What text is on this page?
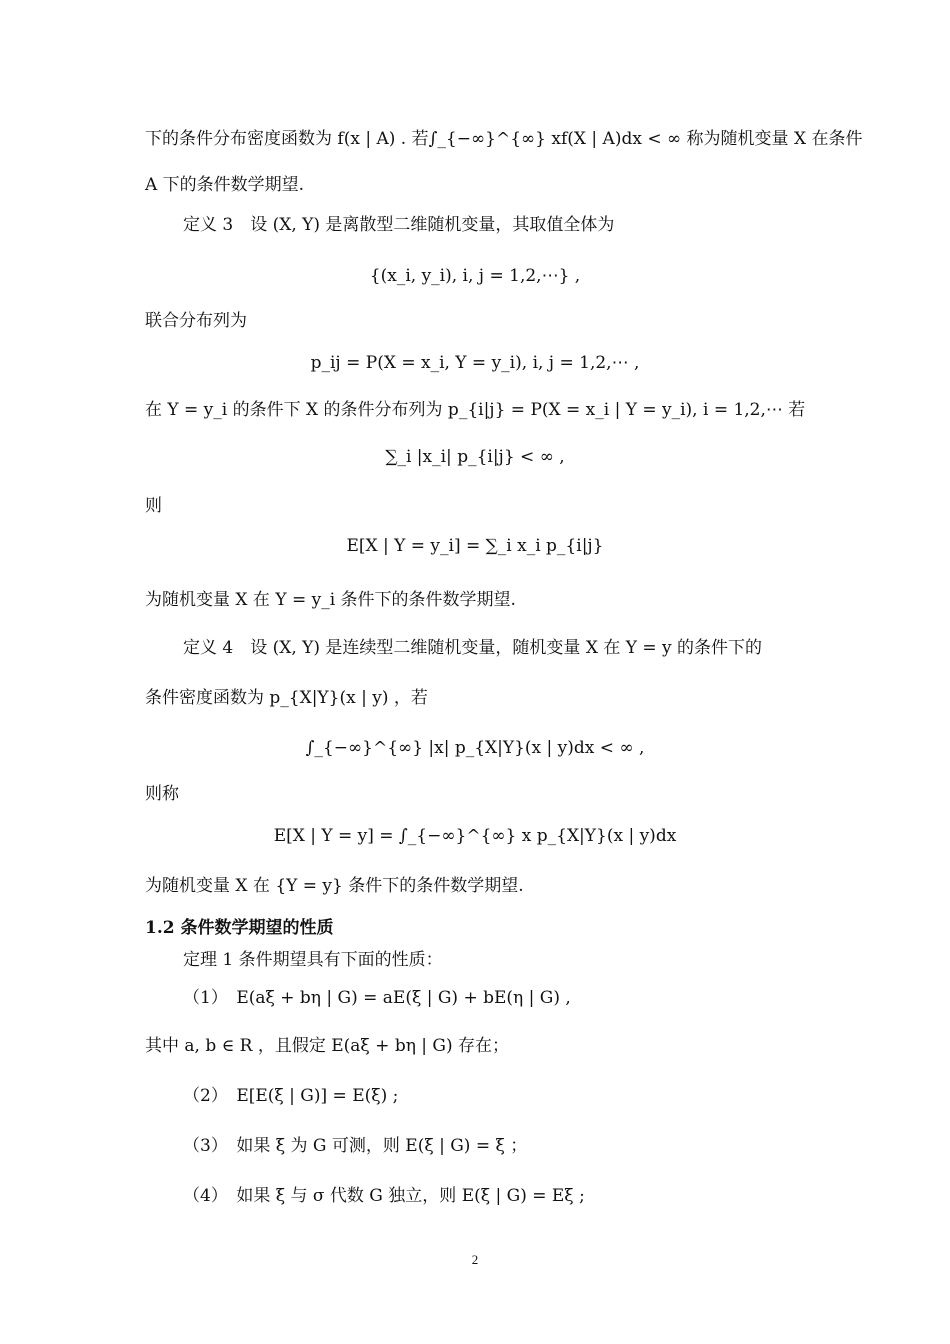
下的条件分布密度函数为 f(x | A) . 若∫_{−∞}^{∞} xf(X | A)dx < ∞ 称为随机变量 X 在条件
A 下的条件数学期望.
定义 3　设 (X, Y) 是离散型二维随机变量，其取值全体为
{(x_i, y_i), i, j = 1,2,⋯} ,
联合分布列为
p_ij = P(X = x_i, Y = y_i), i, j = 1,2,⋯ ,
在 Y = y_i 的条件下 X 的条件分布列为 p_{i|j} = P(X = x_i | Y = y_i), i = 1,2,⋯ 若
∑_i |x_i| p_{i|j} < ∞ ,
则
E[X | Y = y_i] = ∑_i x_i p_{i|j}
为随机变量 X 在 Y = y_i 条件下的条件数学期望.
定义 4　设 (X, Y) 是连续型二维随机变量，随机变量 X 在 Y = y 的条件下的
条件密度函数为 p_{X|Y}(x | y) ，若
∫_{−∞}^{∞} |x| p_{X|Y}(x | y)dx < ∞ ,
则称
E[X | Y = y] = ∫_{−∞}^{∞} x p_{X|Y}(x | y)dx
为随机变量 X 在 {Y = y} 条件下的条件数学期望.
1.2 条件数学期望的性质
定理 1 条件期望具有下面的性质：
（1）　E(aξ + bη | G) = aE(ξ | G) + bE(η | G) ,
其中 a, b ∈ R ，且假定 E(aξ + bη | G) 存在；
（2）　E[E(ξ | G)] = E(ξ) ;
（3）　如果 ξ 为 G 可测，则 E(ξ | G) = ξ ；
（4）　如果 ξ 与 σ 代数 G 独立，则 E(ξ | G) = Eξ ;
2
